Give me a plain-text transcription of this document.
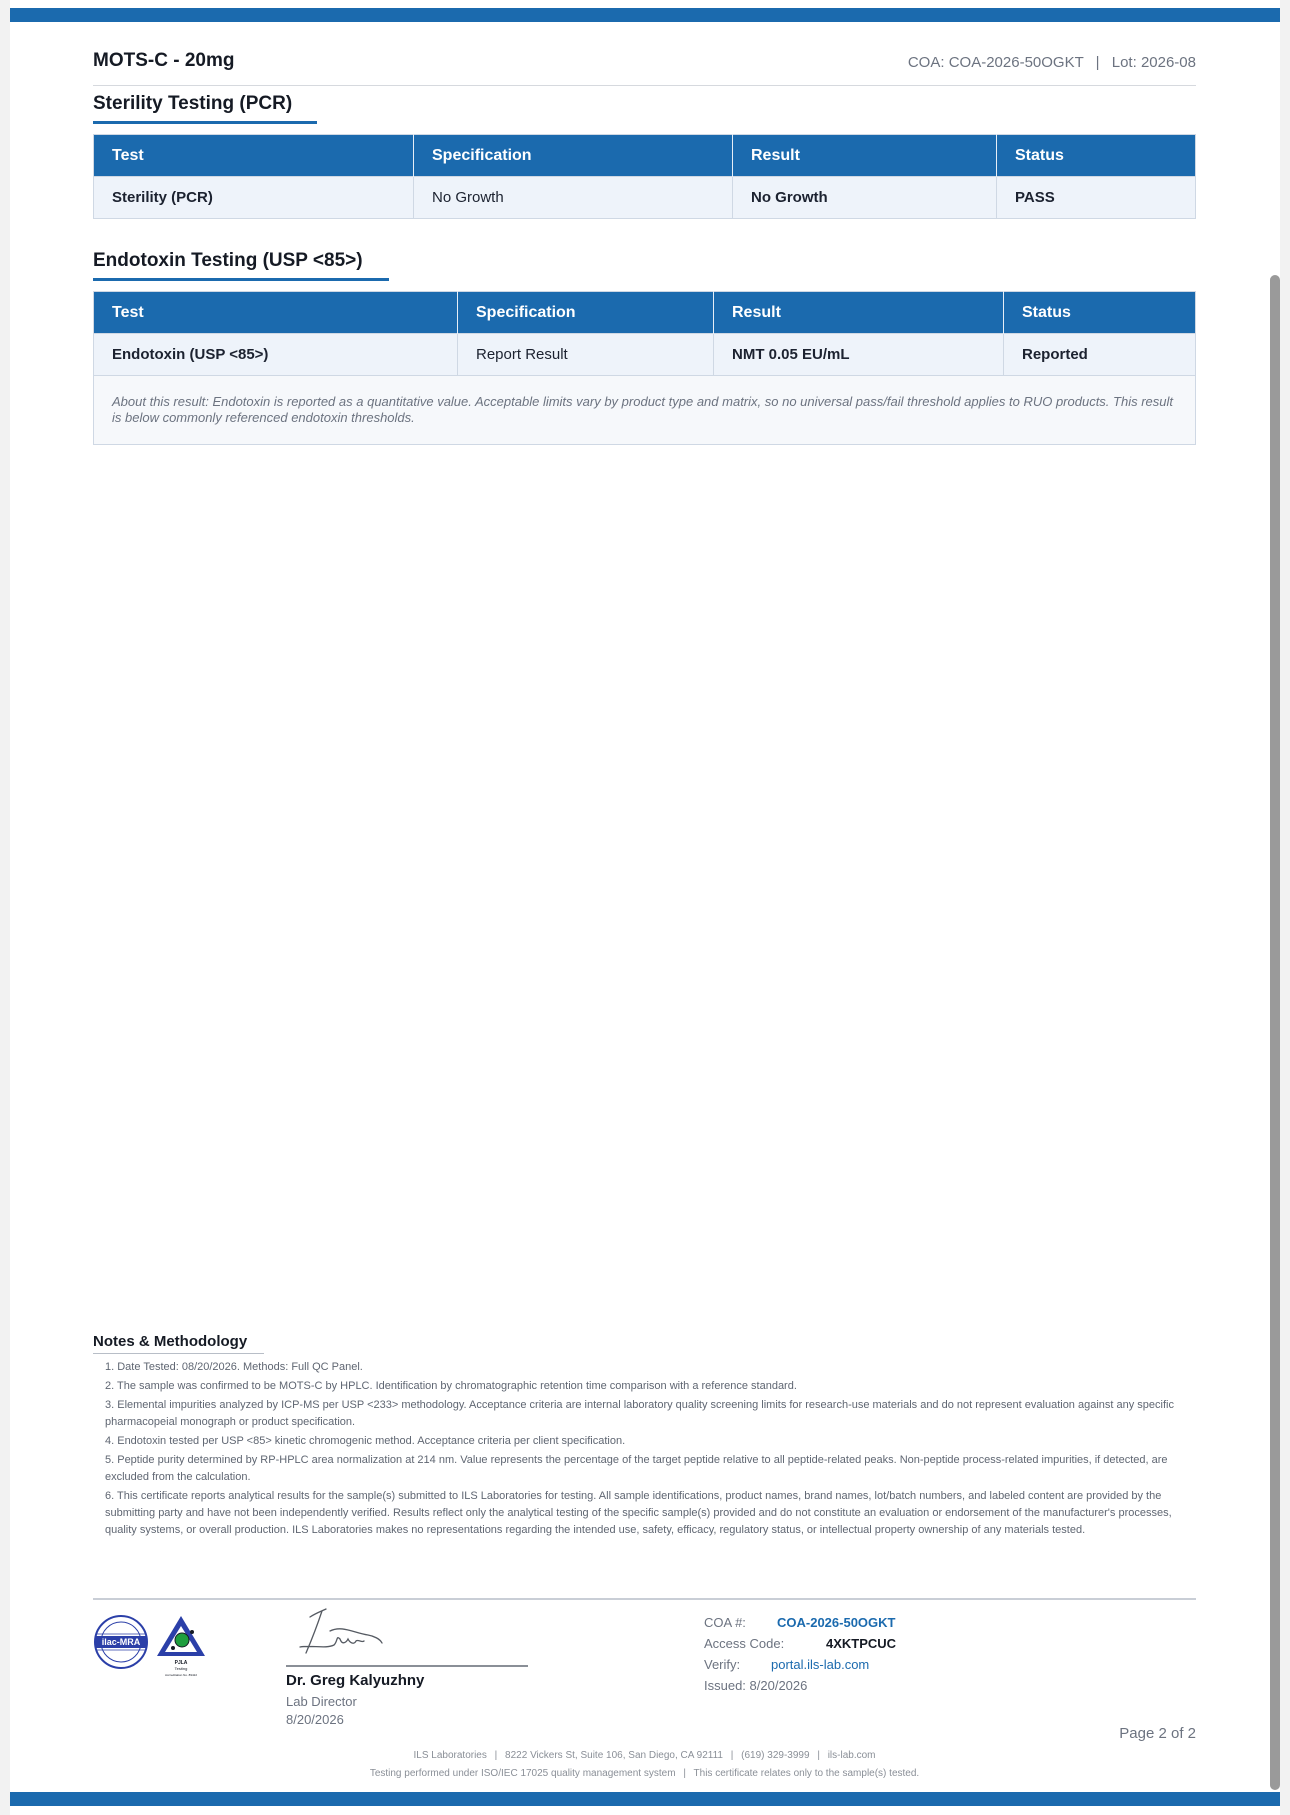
MOTS-C - 20mg	COA: COA-2026-50OGKT | Lot: 2026-08
Sterility Testing (PCR)
Test	Specification	Result	Status
Sterility (PCR)	No Growth	No Growth	PASS
Endotoxin Testing (USP <85>)
Test	Specification	Result	Status
Endotoxin (USP <85>)	Report Result	NMT 0.05 EU/mL	Reported
About this result: Endotoxin is reported as a quantitative value. Acceptable limits vary by product type and matrix, so no universal pass/fail threshold applies to RUO products. This result is below commonly referenced endotoxin thresholds.			
Notes & Methodology
1. Date Tested: 08/20/2026. Methods: Full QC Panel.
2. The sample was confirmed to be MOTS-C by HPLC. Identification by chromatographic retention time comparison with a reference standard.
3. Elemental impurities analyzed by ICP-MS per USP <233> methodology. Acceptance criteria are internal laboratory quality screening limits for research-use materials and do not represent evaluation against any specific pharmacopeial monograph or product specification.
4. Endotoxin tested per USP <85> kinetic chromogenic method. Acceptance criteria per client specification.
5. Peptide purity determined by RP-HPLC area normalization at 214 nm. Value represents the percentage of the target peptide relative to all peptide-related peaks. Non-peptide process-related impurities, if detected, are excluded from the calculation.
6. This certificate reports analytical results for the sample(s) submitted to ILS Laboratories for testing. All sample identifications, product names, brand names, lot/batch numbers, and labeled content are provided by the submitting party and have not been independently verified. Results reflect only the analytical testing of the specific sample(s) provided and do not constitute an evaluation or endorsement of the manufacturer's processes, quality systems, or overall production. ILS Laboratories makes no representations regarding the intended use, safety, efficacy, regulatory status, or intellectual property ownership of any materials tested.
ilac-MRA
PJLA
Testing
Accreditation No. 89422	Dr. Greg Kalyuzhny
Lab Director
8/20/2026
COA #: COA-2026-50OGKT
Access Code:	4XKTPCUC
Verify: portal.ils-lab.com
Issued: 8/20/2026
Page 2 of 2
ILS Laboratories | 8222 Vickers St, Suite 106, San Diego, CA 92111 | (619) 329-3999 | ils-lab.com
Testing performed under ISO/IEC 17025 quality management system | This certificate relates only to the sample(s) tested.
